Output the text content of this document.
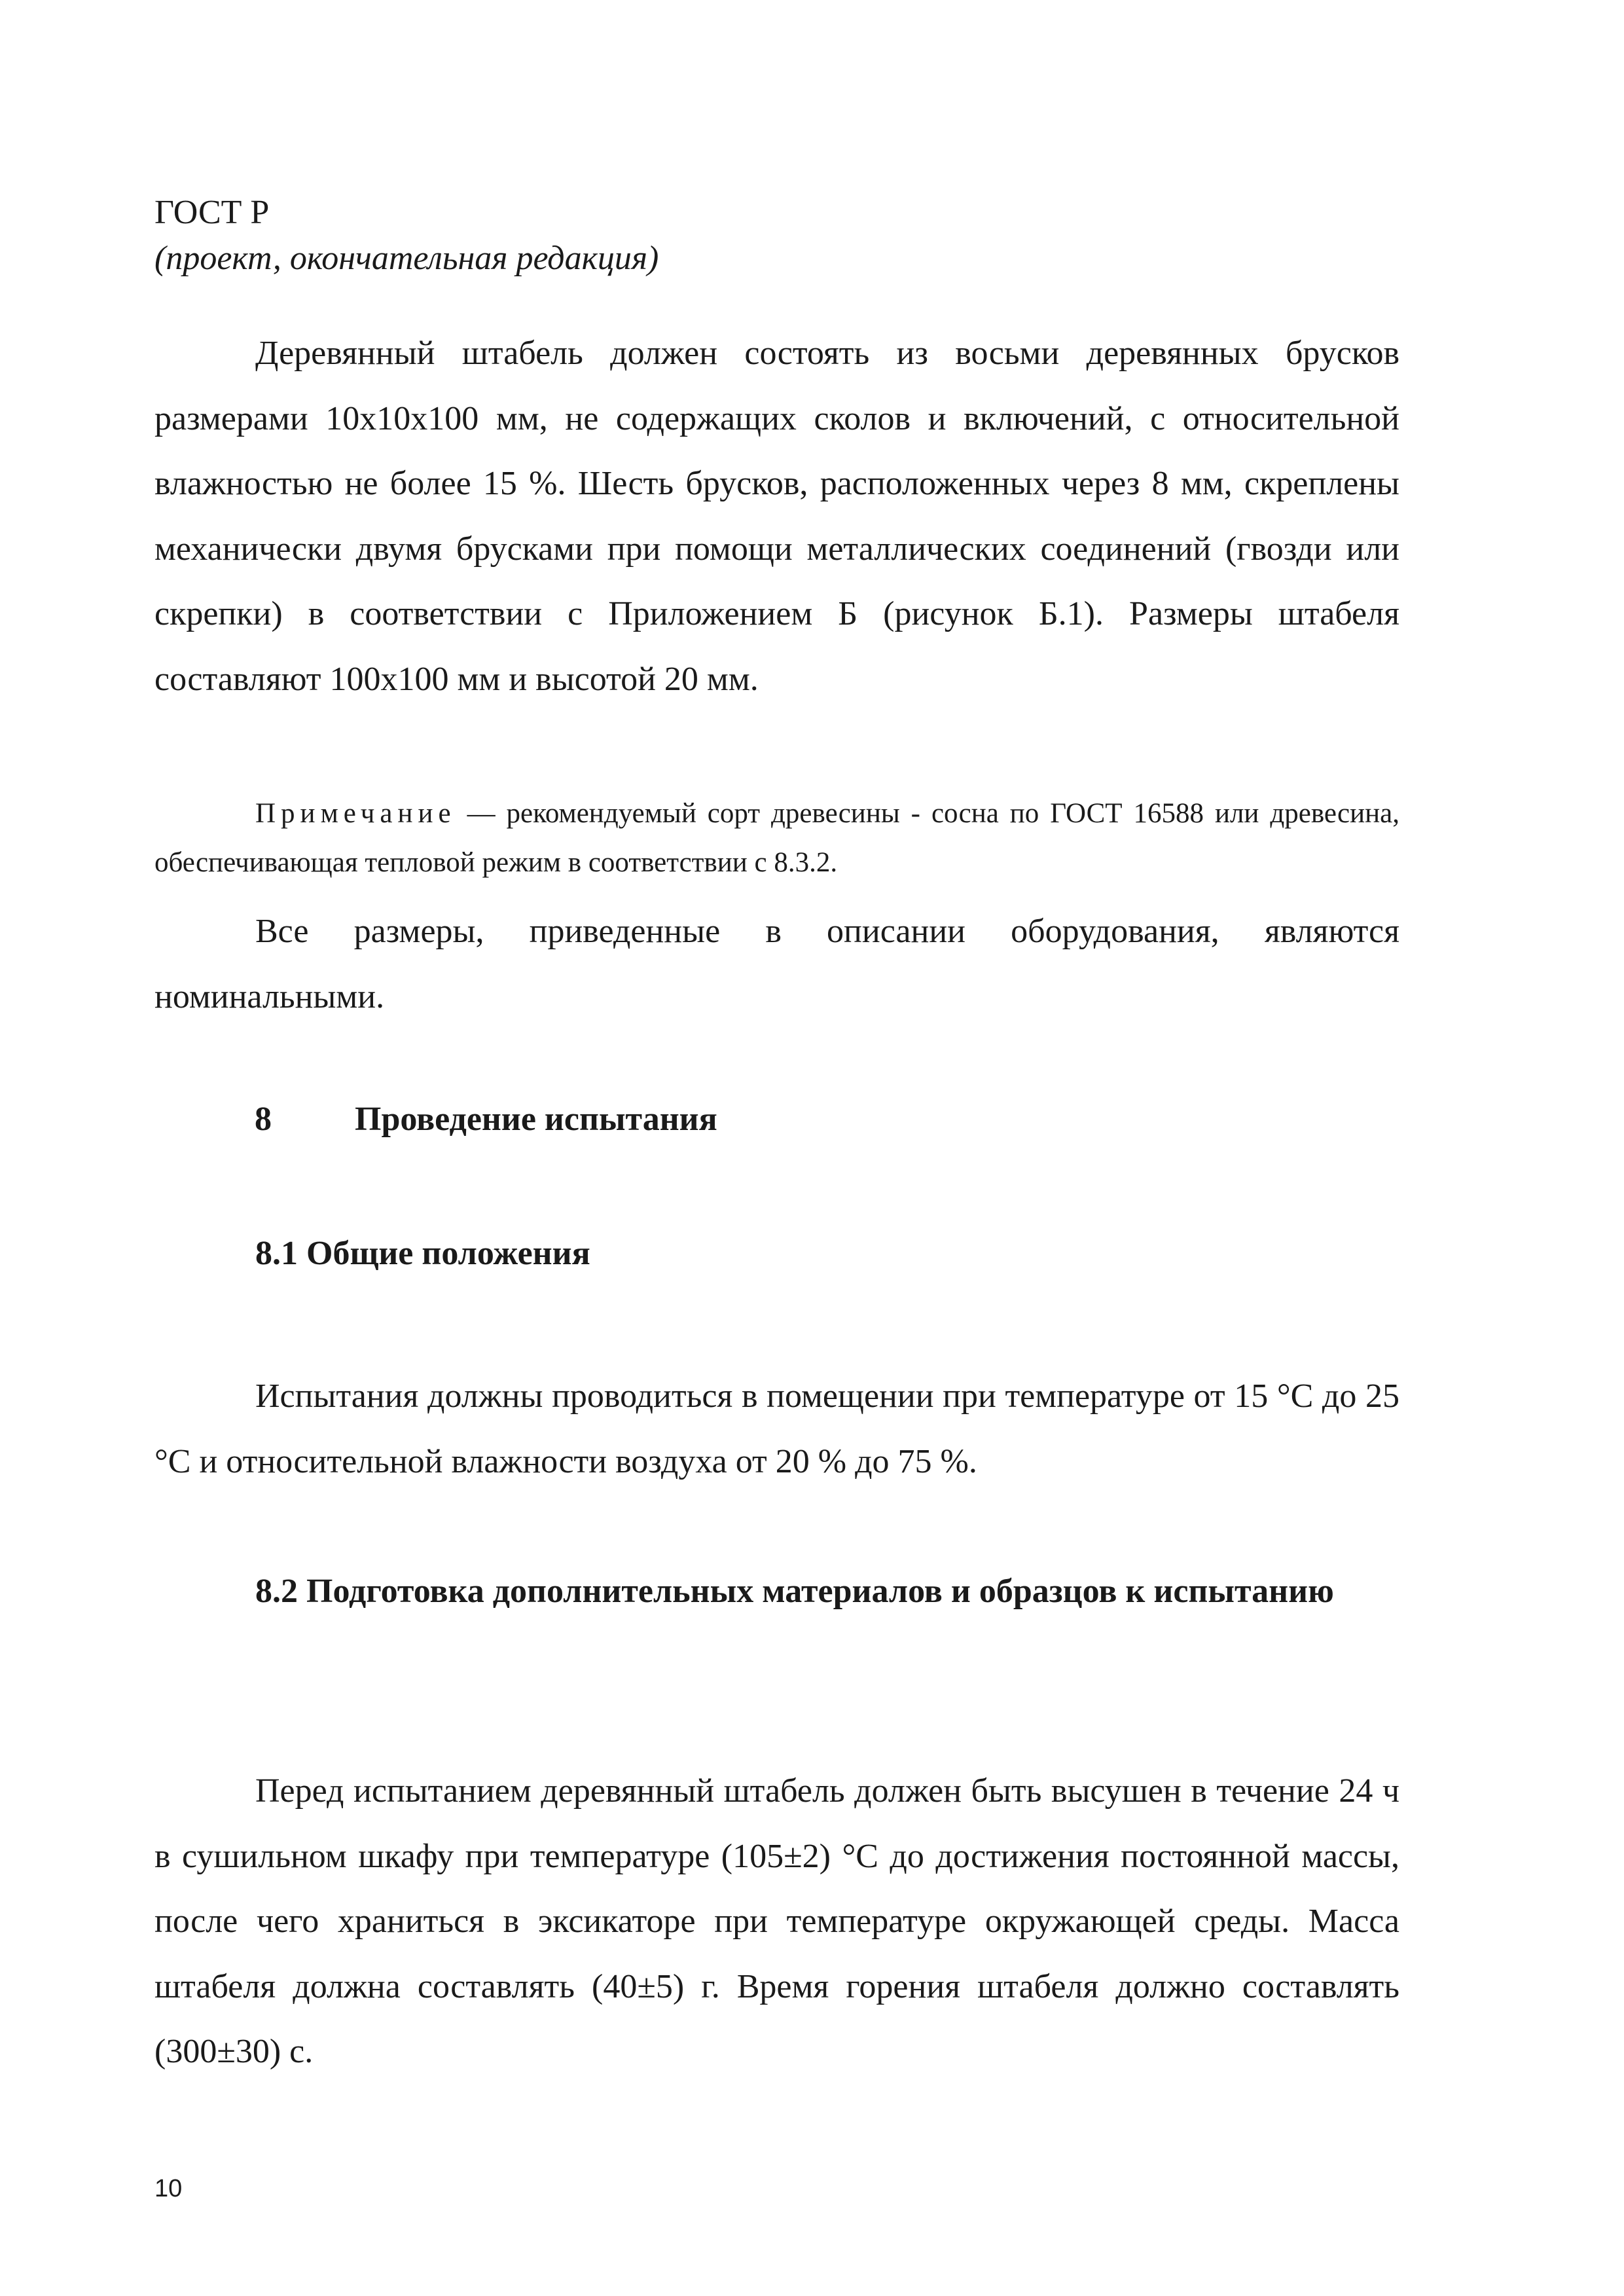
ГОСТ Р
(проект, окончательная редакция)

Деревянный штабель должен состоять из восьми деревянных брусков размерами 10х10х100 мм, не содержащих сколов и включений, с относительной влажностью не более 15 %. Шесть брусков, расположенных через 8 мм, скреплены механически двумя брусками при помощи металлических соединений (гвозди или скрепки) в соответствии с Приложением Б (рисунок Б.1). Размеры штабеля составляют 100х100 мм и высотой 20 мм.

Примечание — рекомендуемый сорт древесины - сосна по ГОСТ 16588 или древесина, обеспечивающая тепловой режим в соответствии с 8.3.2.

Все размеры, приведенные в описании оборудования, являются номинальными.

8 Проведение испытания

8.1 Общие положения

Испытания должны проводиться в помещении при температуре от 15 °С до 25 °С и относительной влажности воздуха от 20 % до 75 %.

8.2 Подготовка дополнительных материалов и образцов к испытанию

Перед испытанием деревянный штабель должен быть высушен в течение 24 ч в сушильном шкафу при температуре (105±2) °С до достижения постоянной массы, после чего храниться в эксикаторе при температуре окружающей среды. Масса штабеля должна составлять (40±5) г. Время горения штабеля должно составлять (300±30) с.

10
